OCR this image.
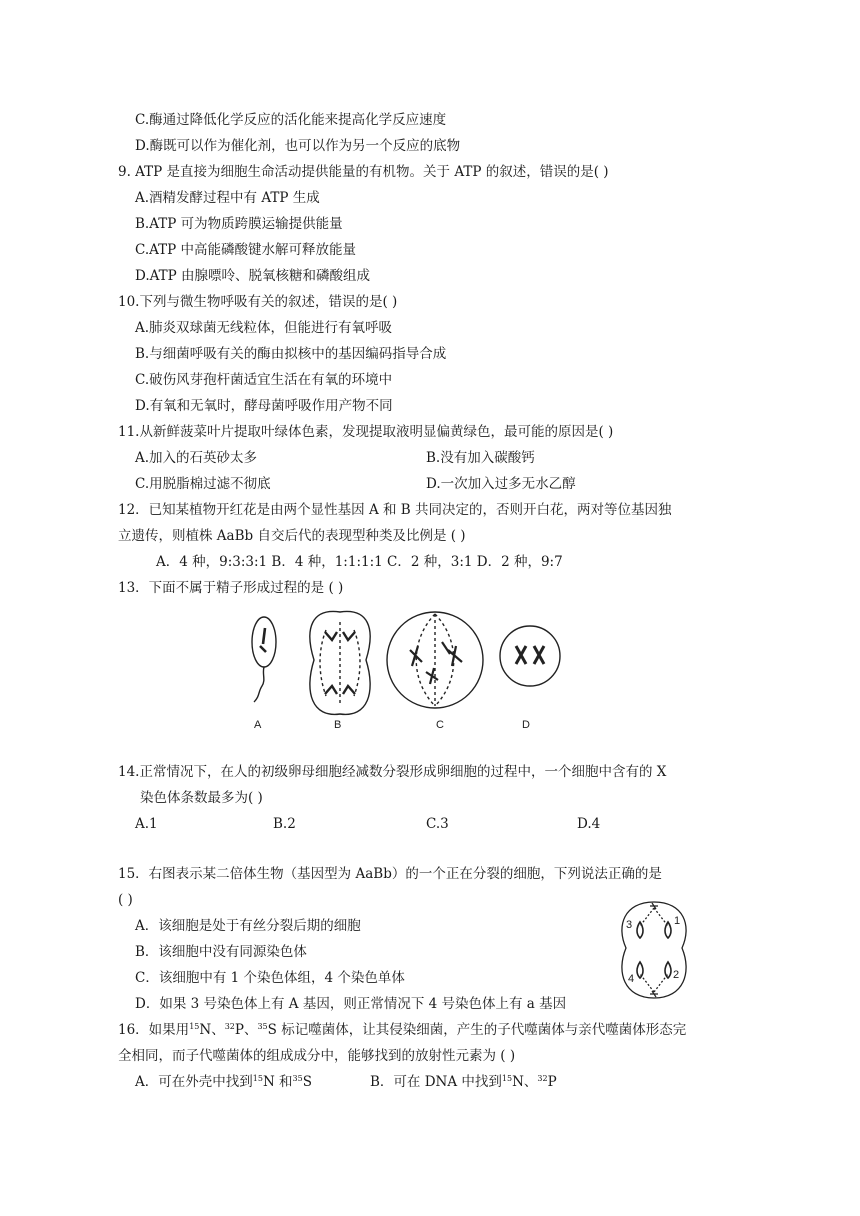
C.酶通过降低化学反应的活化能来提高化学反应速度
D.酶既可以作为催化剂，也可以作为另一个反应的底物
9. ATP 是直接为细胞生命活动提供能量的有机物。关于 ATP 的叙述，错误的是( )
A.酒精发酵过程中有 ATP 生成
B.ATP 可为物质跨膜运输提供能量
C.ATP 中高能磷酸键水解可释放能量
D.ATP 由腺嘌呤、脱氧核糖和磷酸组成
10.下列与微生物呼吸有关的叙述，错误的是( )
A.肺炎双球菌无线粒体，但能进行有氧呼吸
B.与细菌呼吸有关的酶由拟核中的基因编码指导合成
C.破伤风芽孢杆菌适宜生活在有氧的环境中
D.有氧和无氧时，酵母菌呼吸作用产物不同
11.从新鲜菠菜叶片提取叶绿体色素，发现提取液明显偏黄绿色，最可能的原因是( )
A.加入的石英砂太多	B.没有加入碳酸钙
C.用脱脂棉过滤不彻底	D.一次加入过多无水乙醇
12．已知某植物开红花是由两个显性基因 A 和 B 共同决定的，否则开白花，两对等位基因独
立遗传，则植株 AaBb 自交后代的表现型种类及比例是 ( )
A．4 种，9:3:3:1 B．4 种，1:1:1:1 C．2 种，3:1 D．2 种，9:7
13．下面不属于精子形成过程的是 ( )
A	B	C	D
14.正常情况下，在人的初级卵母细胞经减数分裂形成卵细胞的过程中，一个细胞中含有的 X
染色体条数最多为( )
A.1	B.2	C.3	D.4
15．右图表示某二倍体生物（基因型为 AaBb）的一个正在分裂的细胞，下列说法正确的是
( )
A．该细胞是处于有丝分裂后期的细胞
B．该细胞中没有同源染色体
C．该细胞中有 1 个染色体组，4 个染色单体
D．如果 3 号染色体上有 A 基因，则正常情况下 4 号染色体上有 a 基因
3	1
4	2
16．如果用$^{15}$N、$^{32}$P、$^{35}$S 标记噬菌体，让其侵染细菌，产生的子代噬菌体与亲代噬菌体形态完
全相同，而子代噬菌体的组成成分中，能够找到的放射性元素为 ( )
A．可在外壳中找到$^{15}$N 和$^{35}$S	B．可在 DNA 中找到$^{15}$N、$^{32}$P
